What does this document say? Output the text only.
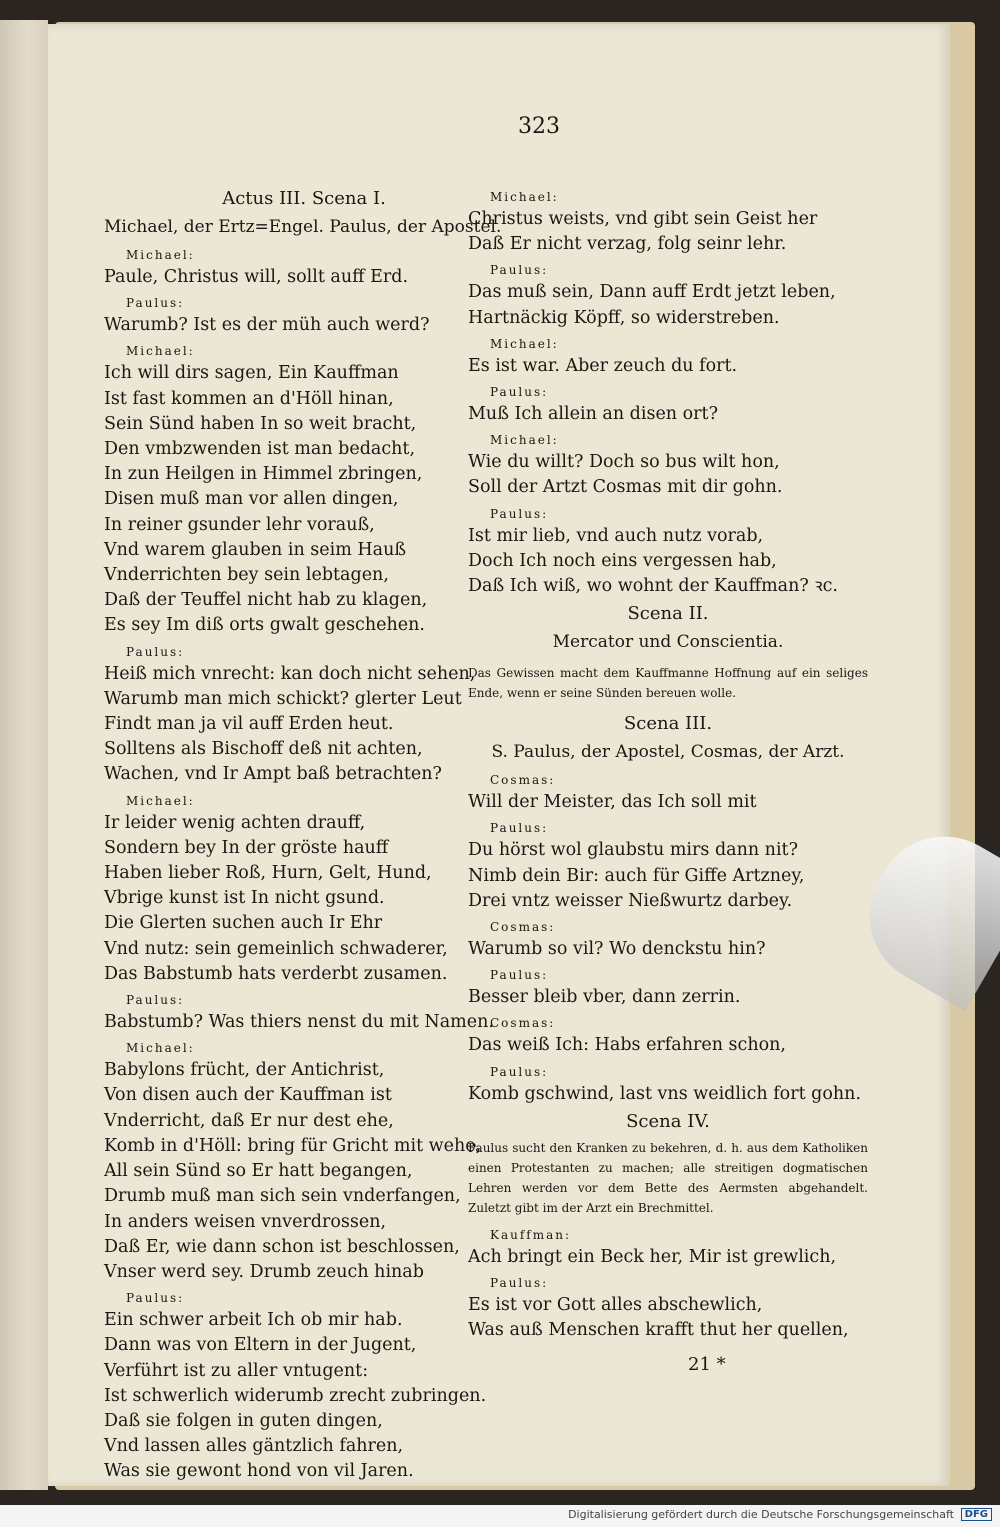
323
Actus III. Scena I.
Michael, der Ertz=Engel. Paulus, der Apostel.
Michael:
Paule, Christus will, sollt auff Erd.
Paulus:
Warumb? Ist es der müh auch werd?
Michael:
Ich will dirs sagen, Ein Kauffman
Ist fast kommen an d'Höll hinan,
Sein Sünd haben In so weit bracht,
Den vmbzwenden ist man bedacht,
In zun Heilgen in Himmel zbringen,
Disen muß man vor allen dingen,
In reiner gsunder lehr vorauß,
Vnd warem glauben in seim Hauß
Vnderrichten bey sein lebtagen,
Daß der Teuffel nicht hab zu klagen,
Es sey Im diß orts gwalt geschehen.
Paulus:
Heiß mich vnrecht: kan doch nicht sehen,
Warumb man mich schickt? glerter Leut
Findt man ja vil auff Erden heut.
Solltens als Bischoff deß nit achten,
Wachen, vnd Ir Ampt baß betrachten?
Michael:
Ir leider wenig achten drauff,
Sondern bey In der gröste hauff
Haben lieber Roß, Hurn, Gelt, Hund,
Vbrige kunst ist In nicht gsund.
Die Glerten suchen auch Ir Ehr
Vnd nutz: sein gemeinlich schwaderer,
Das Babstumb hats verderbt zusamen.
Paulus:
Babstumb? Was thiers nenst du mit Namen.
Michael:
Babylons frücht, der Antichrist,
Von disen auch der Kauffman ist
Vnderricht, daß Er nur dest ehe,
Komb in d'Höll: bring für Gricht mit wehe,
All sein Sünd so Er hatt begangen,
Drumb muß man sich sein vnderfangen,
In anders weisen vnverdrossen,
Daß Er, wie dann schon ist beschlossen,
Vnser werd sey. Drumb zeuch hinab
Paulus:
Ein schwer arbeit Ich ob mir hab.
Dann was von Eltern in der Jugent,
Verführt ist zu aller vntugent:
Ist schwerlich widerumb zrecht zubringen.
Daß sie folgen in guten dingen,
Vnd lassen alles gäntzlich fahren,
Was sie gewont hond von vil Jaren.
Michael:
Christus weists, vnd gibt sein Geist her
Daß Er nicht verzag, folg seinr lehr.
Paulus:
Das muß sein, Dann auff Erdt jetzt leben,
Hartnäckig Köpff, so widerstreben.
Michael:
Es ist war. Aber zeuch du fort.
Paulus:
Muß Ich allein an disen ort?
Michael:
Wie du willt? Doch so bus wilt hon,
Soll der Artzt Cosmas mit dir gohn.
Paulus:
Ist mir lieb, vnd auch nutz vorab,
Doch Ich noch eins vergessen hab,
Daß Ich wiß, wo wohnt der Kauffman? ꝛc.
Scena II.
Mercator und Conscientia.
Das Gewissen macht dem Kauffmanne Hoffnung auf ein seliges Ende, wenn er seine Sünden bereuen wolle.
Scena III.
S. Paulus, der Apostel, Cosmas, der Arzt.
Cosmas:
Will der Meister, das Ich soll mit
Paulus:
Du hörst wol glaubstu mirs dann nit?
Nimb dein Bir: auch für Giffe Artzney,
Drei vntz weisser Nießwurtz darbey.
Cosmas:
Warumb so vil? Wo denckstu hin?
Paulus:
Besser bleib vber, dann zerrin.
Cosmas:
Das weiß Ich: Habs erfahren schon,
Paulus:
Komb gschwind, last vns weidlich fort gohn.
Scena IV.
Paulus sucht den Kranken zu bekehren, d. h. aus dem Katholiken einen Protestanten zu machen; alle streitigen dogmatischen Lehren werden vor dem Bette des Aermsten abgehandelt. Zuletzt gibt im der Arzt ein Brechmittel.
Kauffman:
Ach bringt ein Beck her, Mir ist grewlich,
Paulus:
Es ist vor Gott alles abschewlich,
Was auß Menschen krafft thut her quellen,
21 *
Digitalisierung gefördert durch die Deutsche Forschungsgemeinschaft	DFG
